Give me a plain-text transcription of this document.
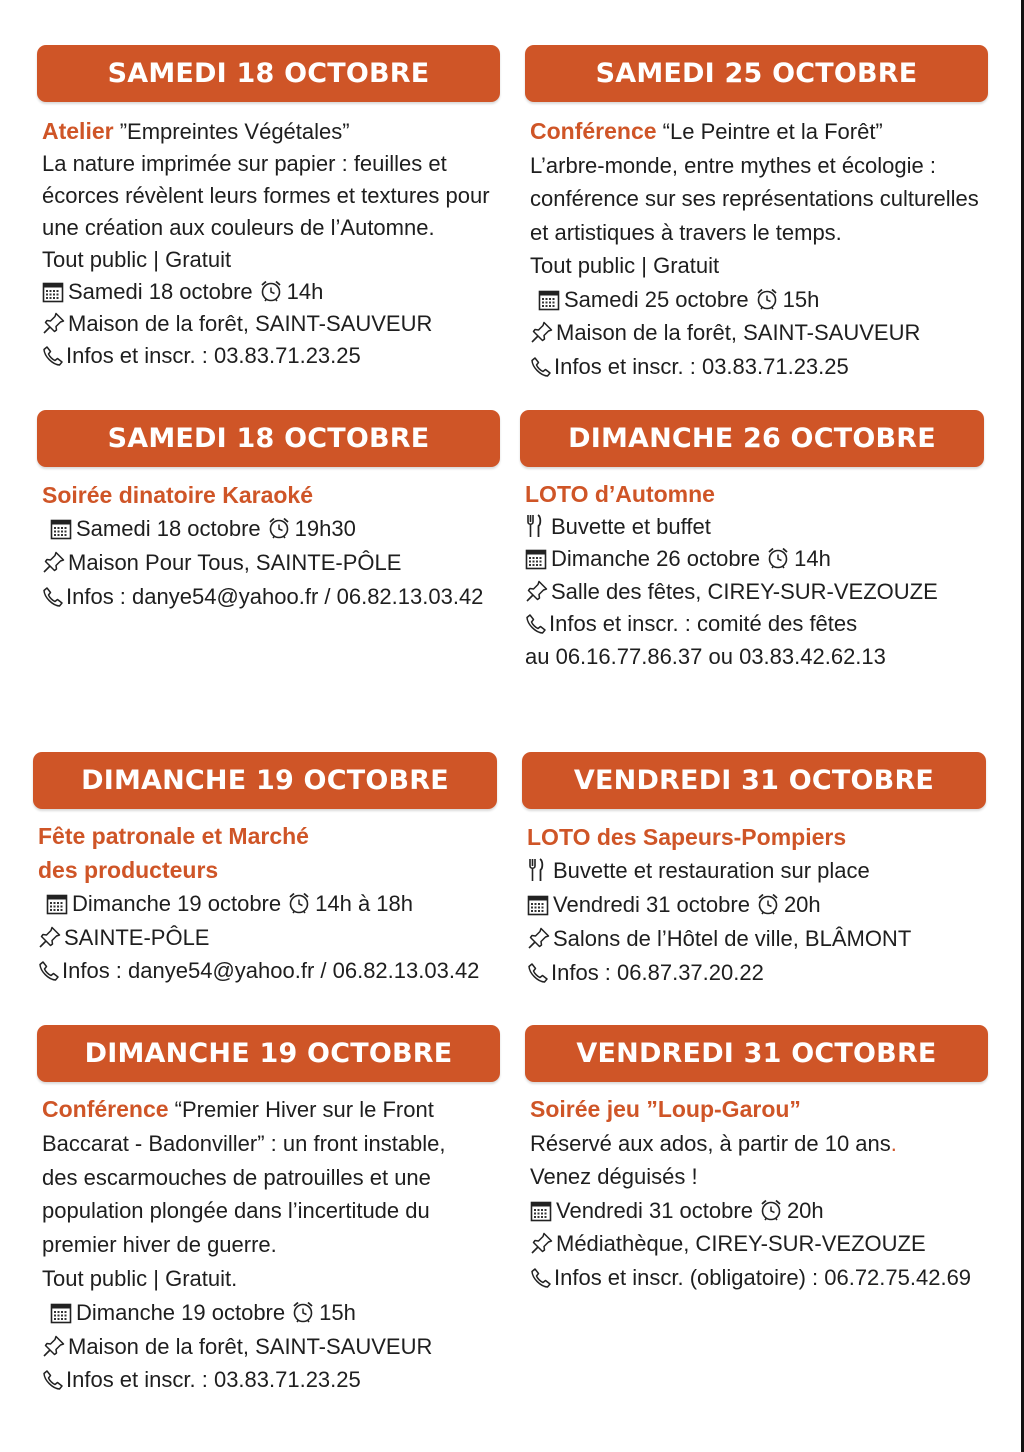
SAMEDI 18 OCTOBRE
Atelier ”Empreintes Végétales”
La nature imprimée sur papier : feuilles et
écorces révèlent leurs formes et textures pour
une création aux couleurs de l’Automne.
Tout public | Gratuit
Samedi 18 octobre 14h
Maison de la forêt, SAINT-SAUVEUR
Infos et inscr. : 03.83.71.23.25
SAMEDI 25 OCTOBRE
Conférence “Le Peintre et la Forêt”
L’arbre-monde, entre mythes et écologie :
conférence sur ses représentations culturelles
et artistiques à travers le temps.
Tout public | Gratuit
Samedi 25 octobre 15h
Maison de la forêt, SAINT-SAUVEUR
Infos et inscr. : 03.83.71.23.25
SAMEDI 18 OCTOBRE
Soirée dinatoire Karaoké
Samedi 18 octobre 19h30
Maison Pour Tous, SAINTE-PÔLE
Infos : danye54@yahoo.fr / 06.82.13.03.42
DIMANCHE 26 OCTOBRE
LOTO d’Automne
Buvette et buffet
Dimanche 26 octobre 14h
Salle des fêtes, CIREY-SUR-VEZOUZE
Infos et inscr. : comité des fêtes
au 06.16.77.86.37 ou 03.83.42.62.13
DIMANCHE 19 OCTOBRE
Fête patronale et Marché
des producteurs
Dimanche 19 octobre 14h à 18h
SAINTE-PÔLE
Infos : danye54@yahoo.fr / 06.82.13.03.42
VENDREDI 31 OCTOBRE
LOTO des Sapeurs-Pompiers
Buvette et restauration sur place
Vendredi 31 octobre 20h
Salons de l’Hôtel de ville, BLÂMONT
Infos : 06.87.37.20.22
DIMANCHE 19 OCTOBRE
Conférence “Premier Hiver sur le Front
Baccarat - Badonviller” : un front instable,
des escarmouches de patrouilles et une
population plongée dans l’incertitude du
premier hiver de guerre.
Tout public | Gratuit.
Dimanche 19 octobre 15h
Maison de la forêt, SAINT-SAUVEUR
Infos et inscr. : 03.83.71.23.25
VENDREDI 31 OCTOBRE
Soirée jeu ”Loup-Garou”
Réservé aux ados, à partir de 10 ans.
Venez déguisés !
Vendredi 31 octobre 20h
Médiathèque, CIREY-SUR-VEZOUZE
Infos et inscr. (obligatoire) : 06.72.75.42.69
